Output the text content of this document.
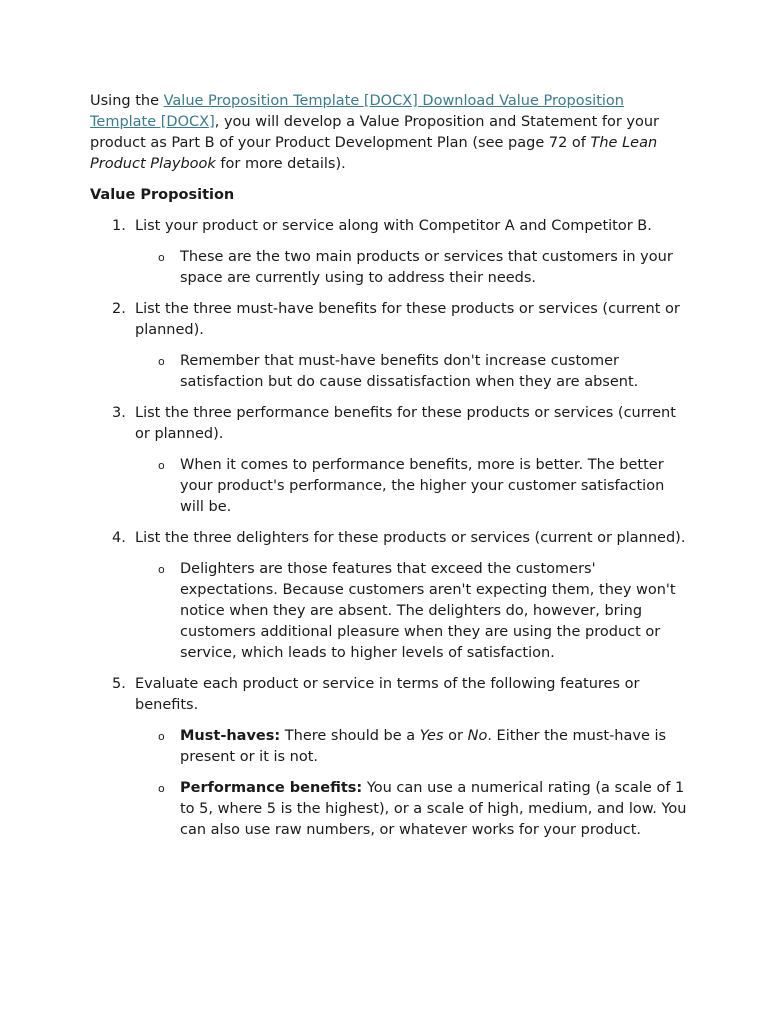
Using the Value Proposition Template [DOCX] Download Value Proposition Template [DOCX], you will develop a Value Proposition and Statement for your product as Part B of your Product Development Plan (see page 72 of The Lean Product Playbook for more details).

Value Proposition

1. List your product or service along with Competitor A and Competitor B.
o These are the two main products or services that customers in your space are currently using to address their needs.
2. List the three must-have benefits for these products or services (current or planned).
o Remember that must-have benefits don't increase customer satisfaction but do cause dissatisfaction when they are absent.
3. List the three performance benefits for these products or services (current or planned).
o When it comes to performance benefits, more is better. The better your product's performance, the higher your customer satisfaction will be.
4. List the three delighters for these products or services (current or planned).
o Delighters are those features that exceed the customers' expectations. Because customers aren't expecting them, they won't notice when they are absent. The delighters do, however, bring customers additional pleasure when they are using the product or service, which leads to higher levels of satisfaction.
5. Evaluate each product or service in terms of the following features or benefits.
o Must-haves: There should be a Yes or No. Either the must-have is present or it is not.
o Performance benefits: You can use a numerical rating (a scale of 1 to 5, where 5 is the highest), or a scale of high, medium, and low. You can also use raw numbers, or whatever works for your product.
